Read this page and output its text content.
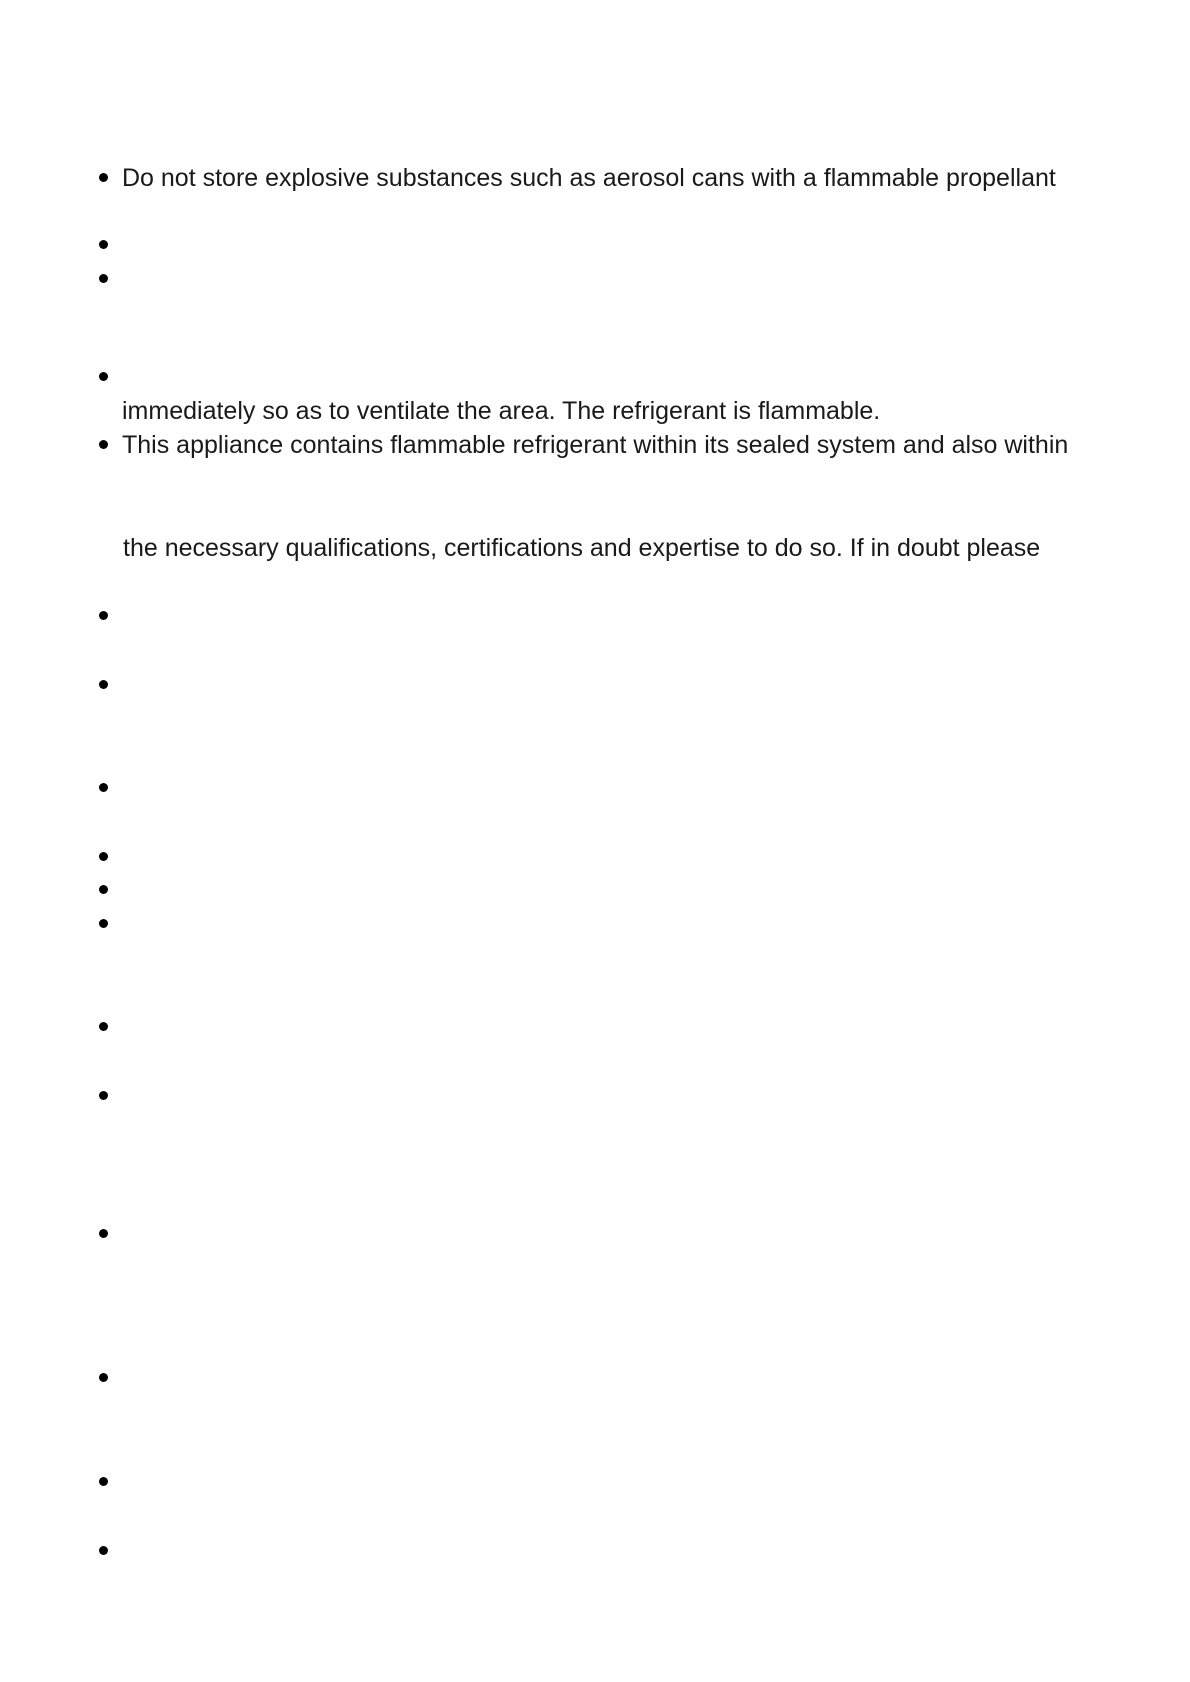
Do not store explosive substances such as aerosol cans with a flammable propellant
immediately so as to ventilate the area. The refrigerant is flammable.
This appliance contains flammable refrigerant within its sealed system and also within
the necessary qualifications, certifications and expertise to do so. If in doubt please
